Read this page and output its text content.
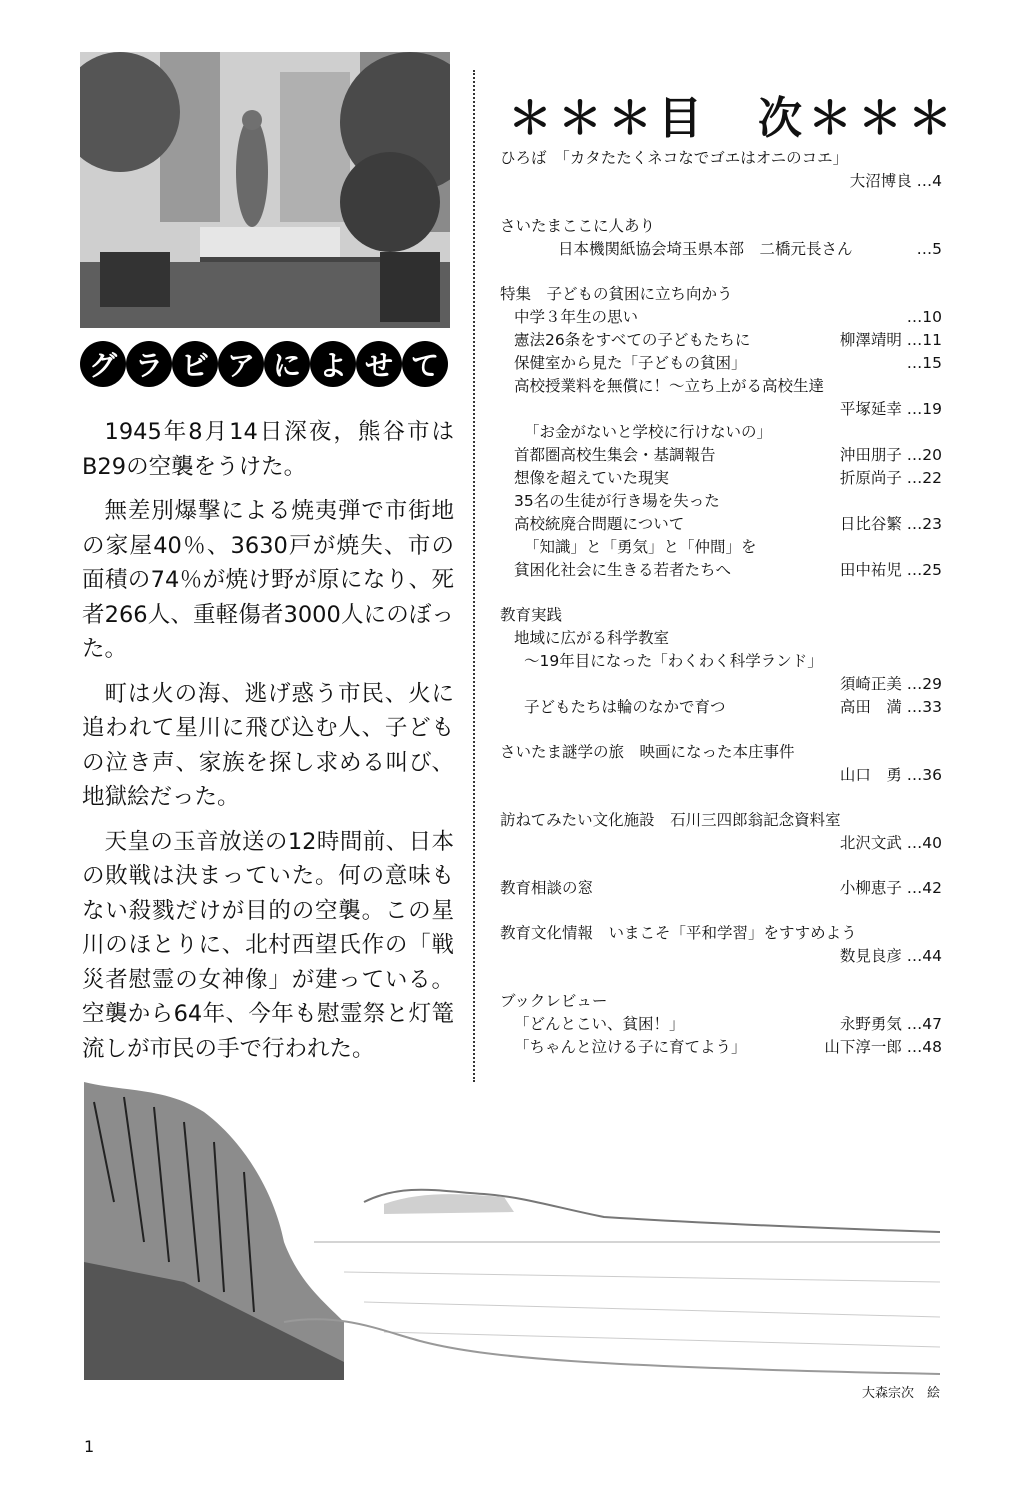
グ ラ ビ ア に よ せ て

1945年8月14日深夜，熊谷市はB29の空襲をうけた。

無差別爆撃による焼夷弾で市街地の家屋40％、3630戸が焼失、市の面積の74％が焼け野が原になり、死者266人、重軽傷者3000人にのぼった。

町は火の海、逃げ惑う市民、火に追われて星川に飛び込む人、子どもの泣き声、家族を探し求める叫び、地獄絵だった。

天皇の玉音放送の12時間前、日本の敗戦は決まっていた。何の意味もない殺戮だけが目的の空襲。この星川のほとりに、北村西望氏作の「戦災者慰霊の女神像」が建っている。空襲から64年、今年も慰霊祭と灯篭流しが市民の手で行われた。

＊＊＊目　次＊＊＊
ひろば　「カタたたくネコなでゴエはオニのコエ」
大沼博良 …4
さいたまここに人あり
日本機関紙協会埼玉県本部　二橋元長さん	…5
特集　子どもの貧困に立ち向かう
中学３年生の思い	…10
憲法26条をすべての子どもたちに	柳澤靖明 …11
保健室から見た「子どもの貧困」	…15
高校授業料を無償に！～立ち上がる高校生達
平塚延幸 …19
「お金がないと学校に行けないの」
首都圏高校生集会・基調報告	沖田朋子 …20
想像を超えていた現実	折原尚子 …22
35名の生徒が行き場を失った
高校統廃合問題について	日比谷繁 …23
「知識」と「勇気」と「仲間」を
貧困化社会に生きる若者たちへ	田中祐児 …25
教育実践
地域に広がる科学教室
～19年目になった「わくわく科学ランド」
須崎正美 …29
子どもたちは輪のなかで育つ	高田　満 …33
さいたま謎学の旅　映画になった本庄事件
山口　勇 …36
訪ねてみたい文化施設　石川三四郎翁記念資料室
北沢文武 …40
教育相談の窓	小柳恵子 …42
教育文化情報　いまこそ「平和学習」をすすめよう
数見良彦 …44
ブックレビュー
「どんとこい、貧困！」	永野勇気 …47
「ちゃんと泣ける子に育てよう」	山下淳一郎 …48
大森宗次　絵
1
